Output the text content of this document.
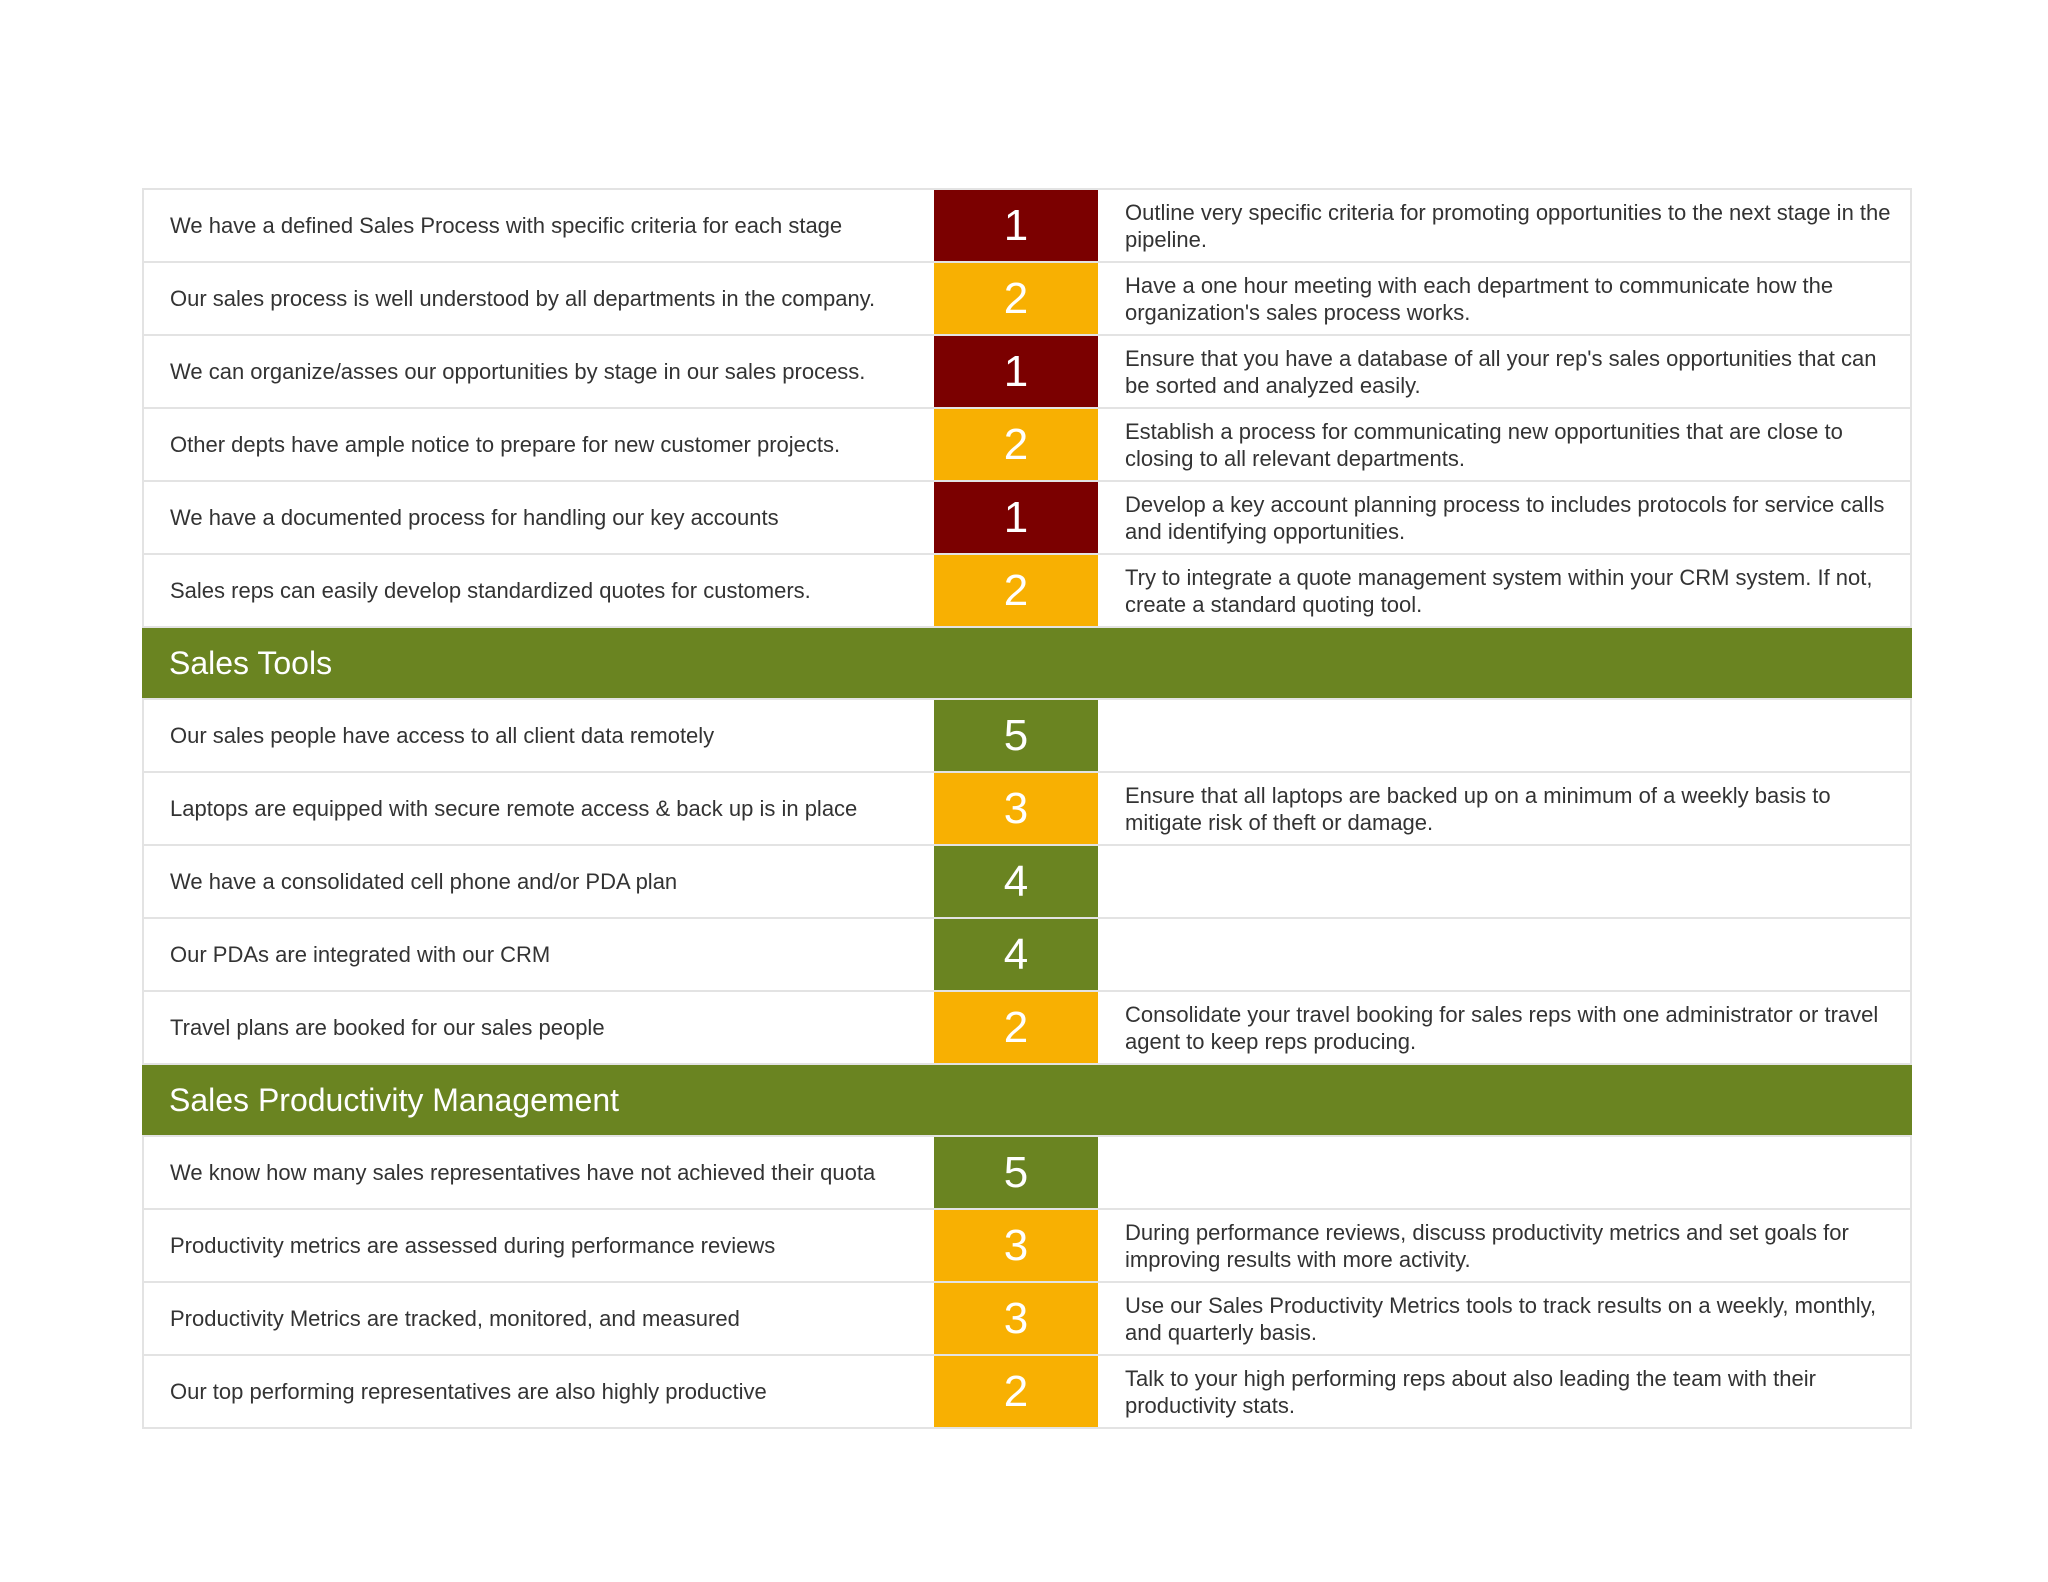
We have a defined Sales Process with specific criteria for each stage	1	Outline very specific criteria for promoting opportunities to the next stage in the pipeline.
Our sales process is well understood by all departments in the company.	2	Have a one hour meeting with each department to communicate how the organization's sales process works.
We can organize/asses our opportunities by stage in our sales process.	1	Ensure that you have a database of all your rep's sales opportunities that can be sorted and analyzed easily.
Other depts have ample notice to prepare for new customer projects.	2	Establish a process for communicating new opportunities that are close to closing to all relevant departments.
We have a documented process for handling our key accounts	1	Develop a key account planning process to includes protocols for service calls and identifying opportunities.
Sales reps can easily develop standardized quotes for customers.	2	Try to integrate a quote management system within your CRM system. If not, create a standard quoting tool.
Sales Tools
Our sales people have access to all client data remotely	5
Laptops are equipped with secure remote access & back up is in place	3	Ensure that all laptops are backed up on a minimum of a weekly basis to mitigate risk of theft or damage.
We have a consolidated cell phone and/or PDA plan	4
Our PDAs are integrated with our CRM	4
Travel plans are booked for our sales people	2	Consolidate your travel booking for sales reps with one administrator or travel agent to keep reps producing.
Sales Productivity Management
We know how many sales representatives have not achieved their quota	5
Productivity metrics are assessed during performance reviews	3	During performance reviews, discuss productivity metrics and set goals for improving results with more activity.
Productivity Metrics are tracked, monitored, and measured	3	Use our Sales Productivity Metrics tools to track results on a weekly, monthly, and quarterly basis.
Our top performing representatives are also highly productive	2	Talk to your high performing reps about also leading the team with their productivity stats.
